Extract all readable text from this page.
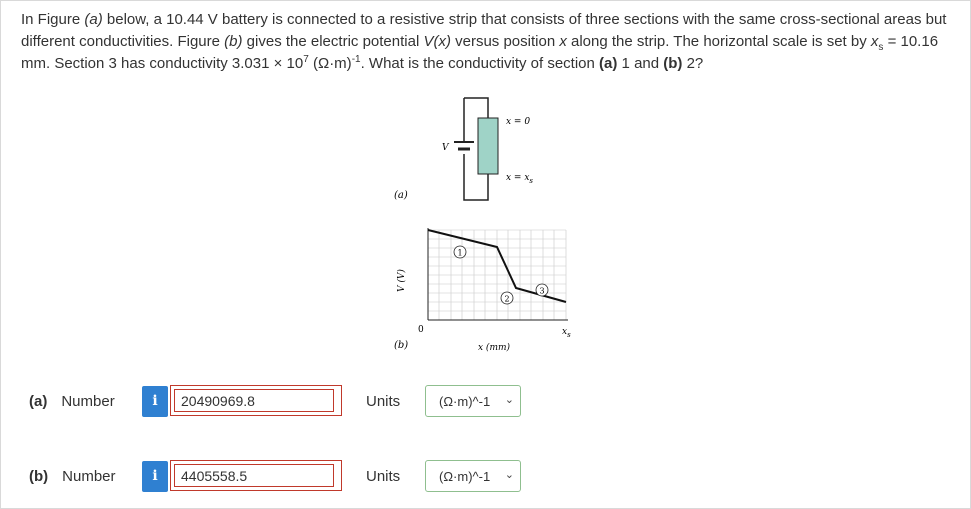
In Figure (a) below, a 10.44 V battery is connected to a resistive strip that consists of three sections with the same cross-sectional areas but different conductivities. Figure (b) gives the electric potential V(x) versus position x along the strip. The horizontal scale is set by $x_s = 10.16$ mm. Section 3 has conductivity $3.031 \times 10^7$ $(\Omega\cdot m)^{-1}$. What is the conductivity of section (a) 1 and (b) 2?
V
x = 0
$x = x_s$
(a)
1
2
3
0	$x_s$
V (V)
x (mm)
(b)
(a) Number	i
20490969.8	Units	(Ω·m)^-1 ⌄
(b) Number	i
4405558.5	Units	(Ω·m)^-1 ⌄
